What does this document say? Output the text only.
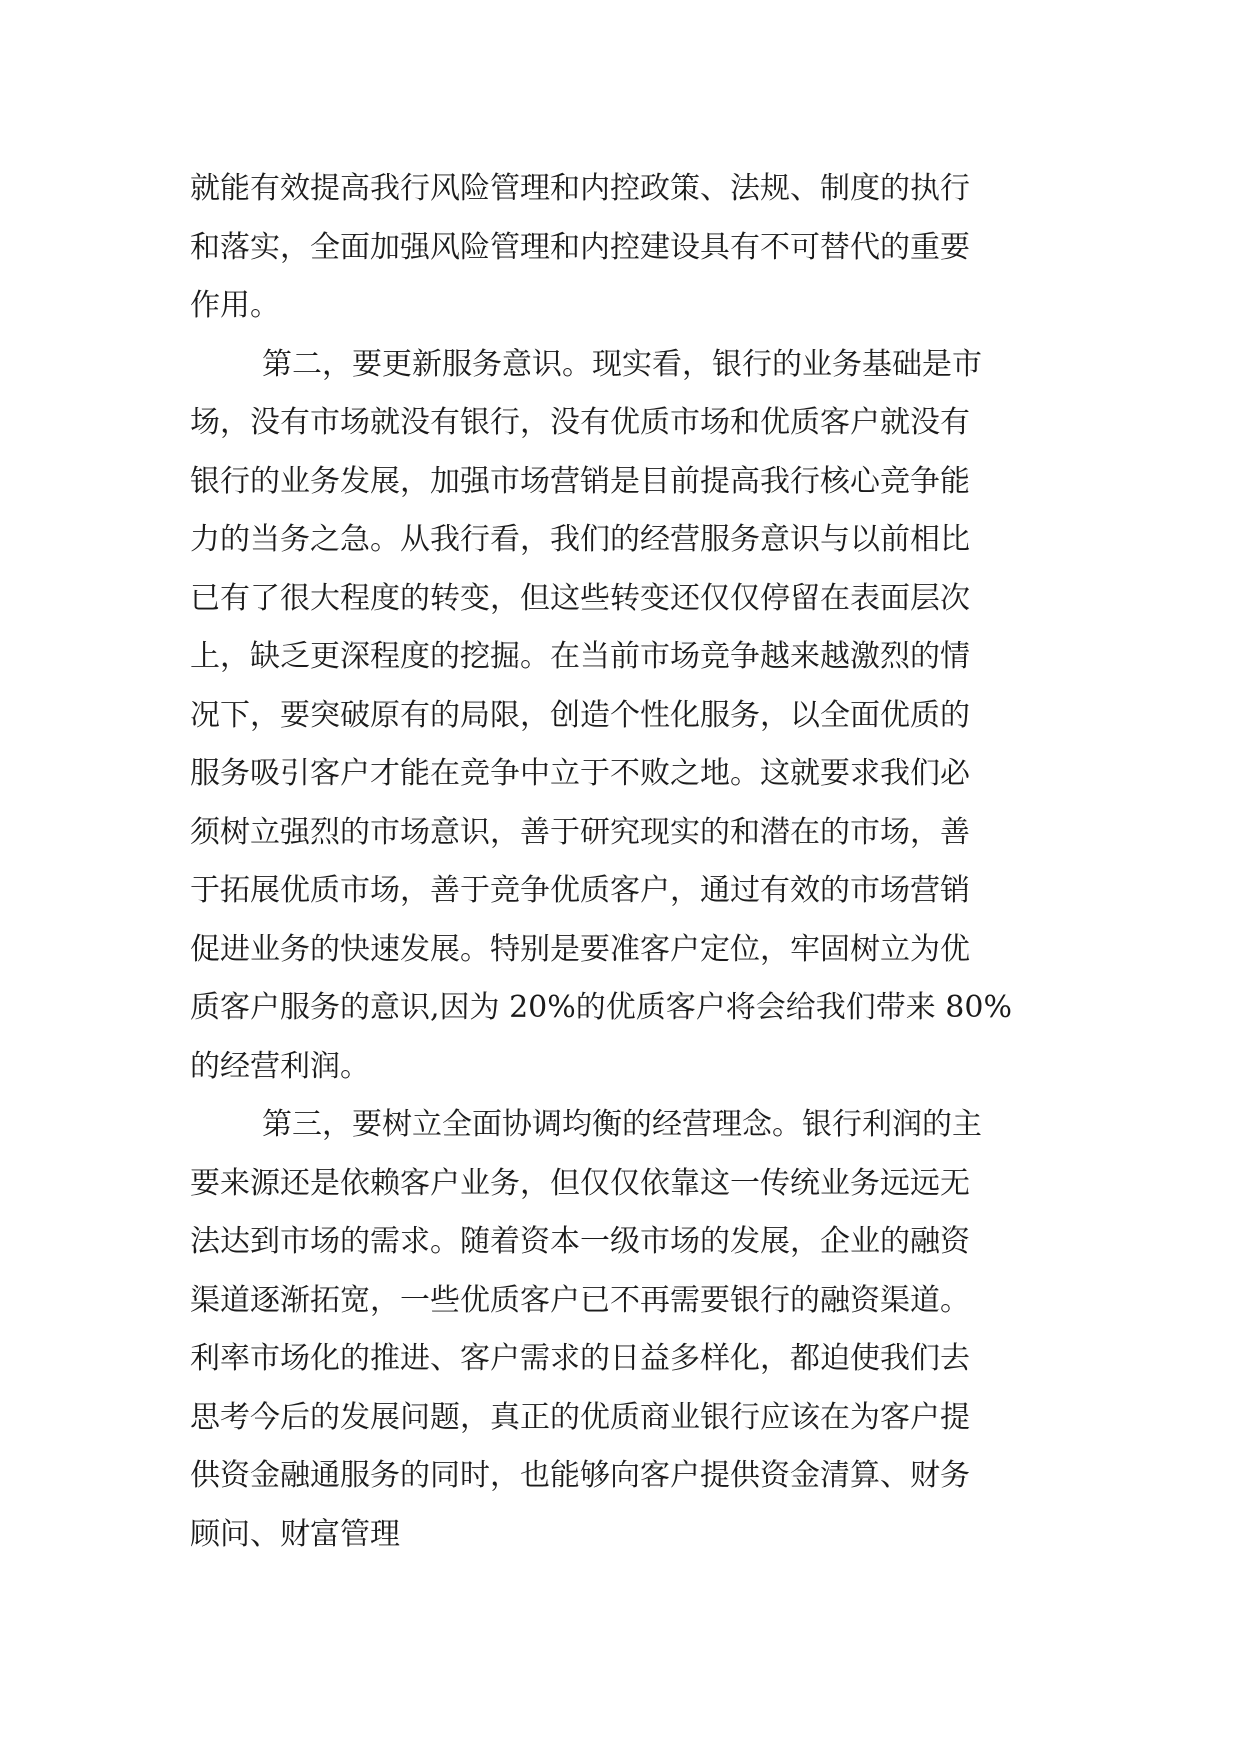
就能有效提高我行风险管理和内控政策、法规、制度的执行
和落实，全面加强风险管理和内控建设具有不可替代的重要
作用。
第二，要更新服务意识。现实看，银行的业务基础是市
场，没有市场就没有银行，没有优质市场和优质客户就没有
银行的业务发展，加强市场营销是目前提高我行核心竞争能
力的当务之急。从我行看，我们的经营服务意识与以前相比
已有了很大程度的转变，但这些转变还仅仅停留在表面层次
上，缺乏更深程度的挖掘。在当前市场竞争越来越激烈的情
况下，要突破原有的局限，创造个性化服务，以全面优质的
服务吸引客户才能在竞争中立于不败之地。这就要求我们必
须树立强烈的市场意识，善于研究现实的和潜在的市场，善
于拓展优质市场，善于竞争优质客户，通过有效的市场营销
促进业务的快速发展。特别是要准客户定位，牢固树立为优
质客户服务的意识,因为 20%的优质客户将会给我们带来 80%
的经营利润。
第三，要树立全面协调均衡的经营理念。银行利润的主
要来源还是依赖客户业务，但仅仅依靠这一传统业务远远无
法达到市场的需求。随着资本一级市场的发展，企业的融资
渠道逐渐拓宽，一些优质客户已不再需要银行的融资渠道。
利率市场化的推进、客户需求的日益多样化，都迫使我们去
思考今后的发展问题，真正的优质商业银行应该在为客户提
供资金融通服务的同时，也能够向客户提供资金清算、财务
顾问、财富管理
